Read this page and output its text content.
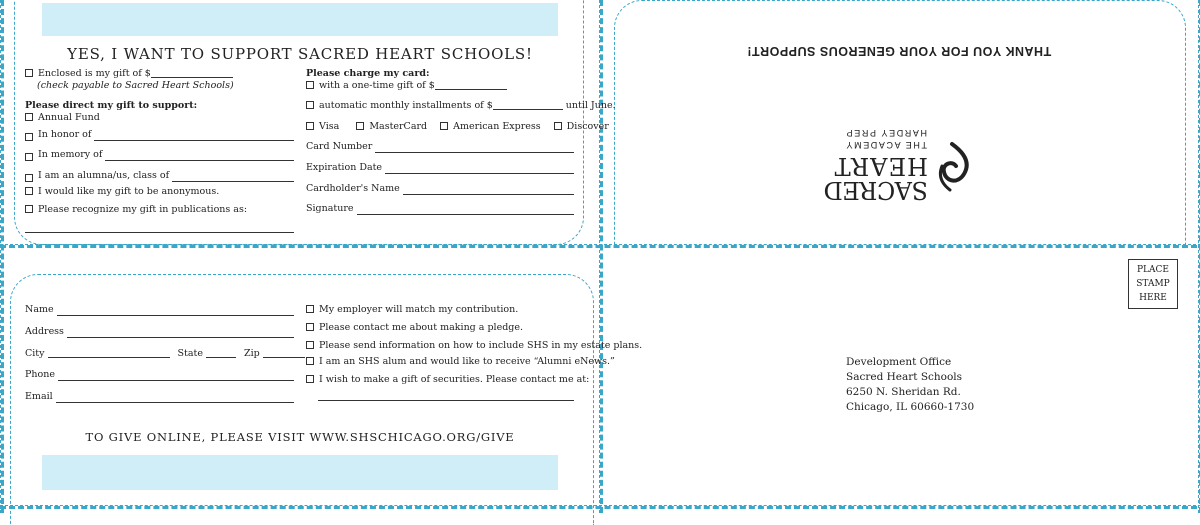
YES, I WANT TO SUPPORT SACRED HEART SCHOOLS!
Enclosed is my gift of $
(check payable to Sacred Heart Schools)
Please direct my gift to support:
Annual Fund
In honor of
In memory of
I am an alumna/us, class of
I would like my gift to be anonymous.
Please recognize my gift in publications as:
Please charge my card:
with a one-time gift of $
automatic monthly installments of $	until June.
Visa	MasterCard	American Express	Discover
Card Number
Expiration Date
Cardholder's Name
Signature
Name
Address
City	State	Zip
Phone
Email
My employer will match my contribution.
Please contact me about making a pledge.
Please send information on how to include SHS in my estate plans.
I am an SHS alum and would like to receive “Alumni eNews.”
I wish to make a gift of securities. Please contact me at:
TO GIVE ONLINE, PLEASE VISIT WWW.SHSCHICAGO.ORG/GIVE
THANK YOU FOR YOUR GENEROUS SUPPORT!
SACRED
HEART
THE ACADEMY
HARDEY PREP
PLACE
STAMP
HERE
Development Office
Sacred Heart Schools
6250 N. Sheridan Rd.
Chicago, IL 60660-1730
